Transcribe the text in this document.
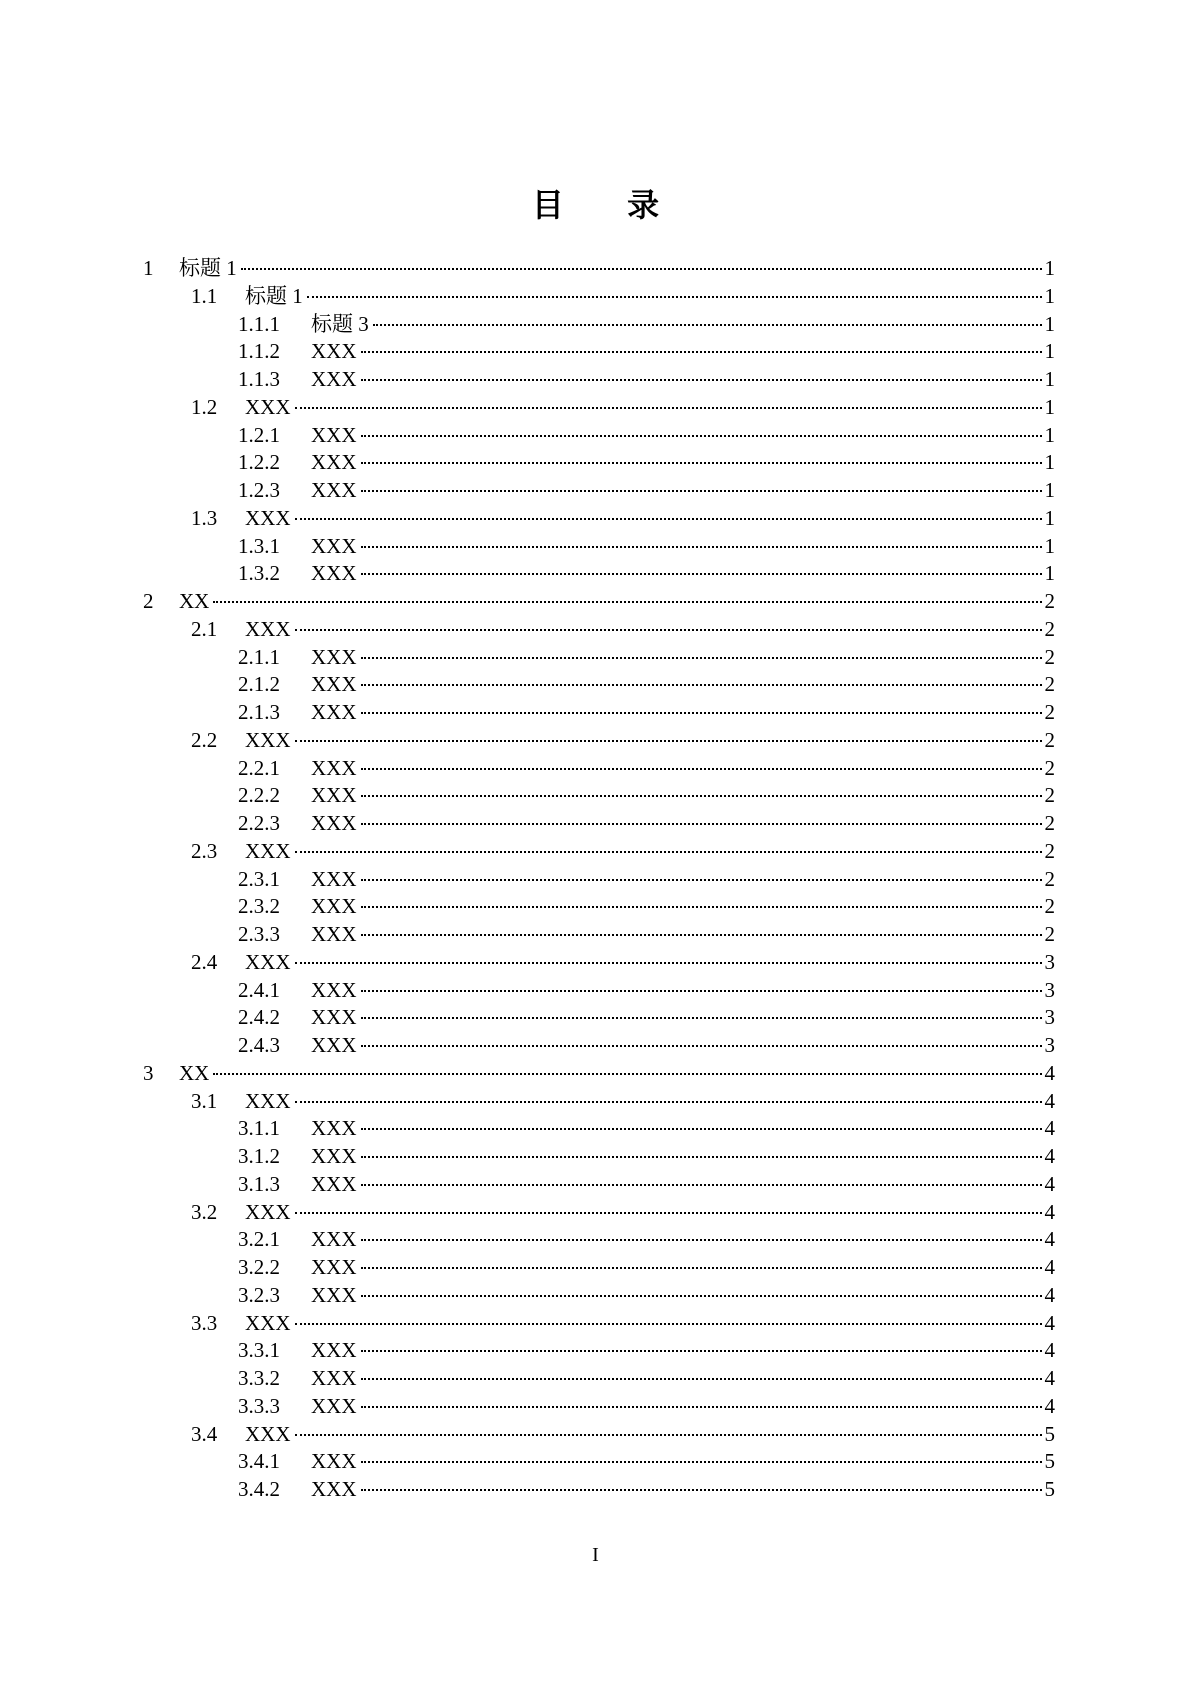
目 录
1 标题 1	1
1.1 标题 1	1
1.1.1 标题 3	1
1.1.2 XXX	1
1.1.3 XXX	1
1.2 XXX	1
1.2.1 XXX	1
1.2.2 XXX	1
1.2.3 XXX	1
1.3 XXX	1
1.3.1 XXX	1
1.3.2 XXX	1
2 XX	2
2.1 XXX	2
2.1.1 XXX	2
2.1.2 XXX	2
2.1.3 XXX	2
2.2 XXX	2
2.2.1 XXX	2
2.2.2 XXX	2
2.2.3 XXX	2
2.3 XXX	2
2.3.1 XXX	2
2.3.2 XXX	2
2.3.3 XXX	2
2.4 XXX	3
2.4.1 XXX	3
2.4.2 XXX	3
2.4.3 XXX	3
3 XX	4
3.1 XXX	4
3.1.1 XXX	4
3.1.2 XXX	4
3.1.3 XXX	4
3.2 XXX	4
3.2.1 XXX	4
3.2.2 XXX	4
3.2.3 XXX	4
3.3 XXX	4
3.3.1 XXX	4
3.3.2 XXX	4
3.3.3 XXX	4
3.4 XXX	5
3.4.1 XXX	5
3.4.2 XXX	5

I
